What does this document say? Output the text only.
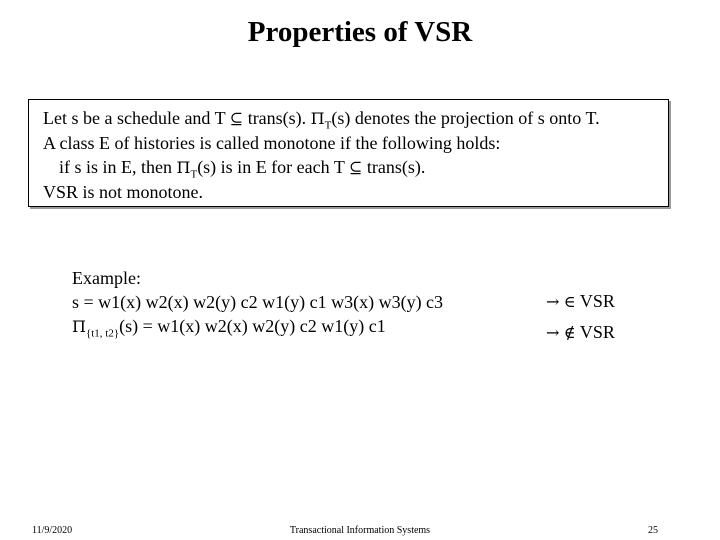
Properties of VSR
Let s be a schedule and T ⊆ trans(s). $\Pi_T(s)$ denotes the projection of s onto T.
A class E of histories is called monotone if the following holds:
if s is in E, then $\Pi_T(s)$ is in E for each T ⊆ trans(s).
VSR is not monotone.
Example:
s = w1(x) w2(x) w2(y) c2 w1(y) c1 w3(x) w3(y) c3
$\Pi_{\{t1, t2\}}(s) = w1(x)$ w2(x) w2(y) c2 w1(y) c1
→ ∈ VSR
→ ∉ VSR
11/9/2020	Transactional Information Systems	25
